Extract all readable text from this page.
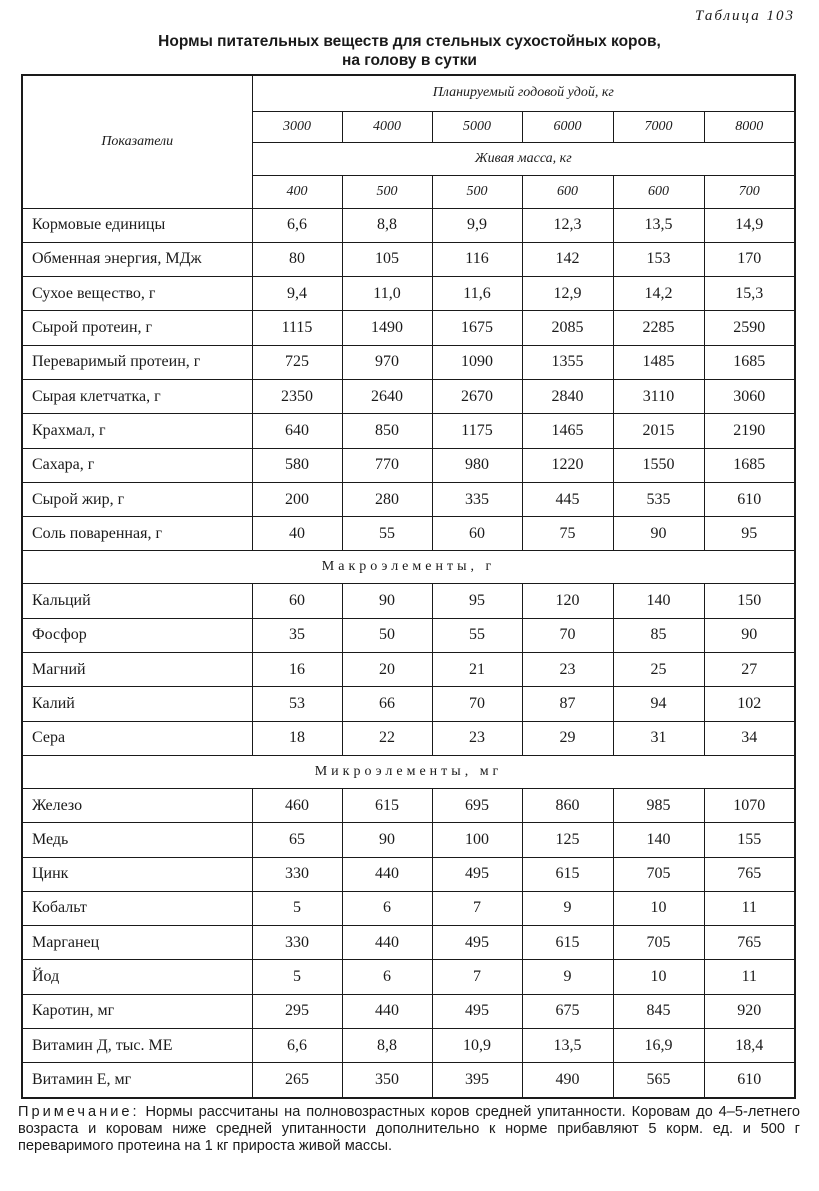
Таблица 103
Нормы питательных веществ для стельных сухостойных коров,
на голову в сутки
Показатели	Планируемый годовой удой, кг					
	3000	4000	5000	6000	7000	8000
	Живая масса, кг					
	400	500	500	600	600	700
Кормовые единицы	6,6	8,8	9,9	12,3	13,5	14,9
Обменная энергия, МДж	80	105	116	142	153	170
Сухое вещество, г	9,4	11,0	11,6	12,9	14,2	15,3
Сырой протеин, г	1115	1490	1675	2085	2285	2590
Переваримый протеин, г	725	970	1090	1355	1485	1685
Сырая клетчатка, г	2350	2640	2670	2840	3110	3060
Крахмал, г	640	850	1175	1465	2015	2190
Сахара, г	580	770	980	1220	1550	1685
Сырой жир, г	200	280	335	445	535	610
Соль поваренная, г	40	55	60	75	90	95
Макроэлементы, г						
Кальций	60	90	95	120	140	150
Фосфор	35	50	55	70	85	90
Магний	16	20	21	23	25	27
Калий	53	66	70	87	94	102
Сера	18	22	23	29	31	34
Микроэлементы, мг						
Железо	460	615	695	860	985	1070
Медь	65	90	100	125	140	155
Цинк	330	440	495	615	705	765
Кобальт	5	6	7	9	10	11
Марганец	330	440	495	615	705	765
Йод	5	6	7	9	10	11
Каротин, мг	295	440	495	675	845	920
Витамин Д, тыс. МЕ	6,6	8,8	10,9	13,5	16,9	18,4
Витамин Е, мг	265	350	395	490	565	610
Примечание: Нормы рассчитаны на полновозрастных коров средней упитанности. Коровам до 4–5-летнего возраста и коровам ниже средней упитанности дополнительно к норме прибавляют 5 корм. ед. и 500 г переваримого протеина на 1 кг прироста живой массы.
